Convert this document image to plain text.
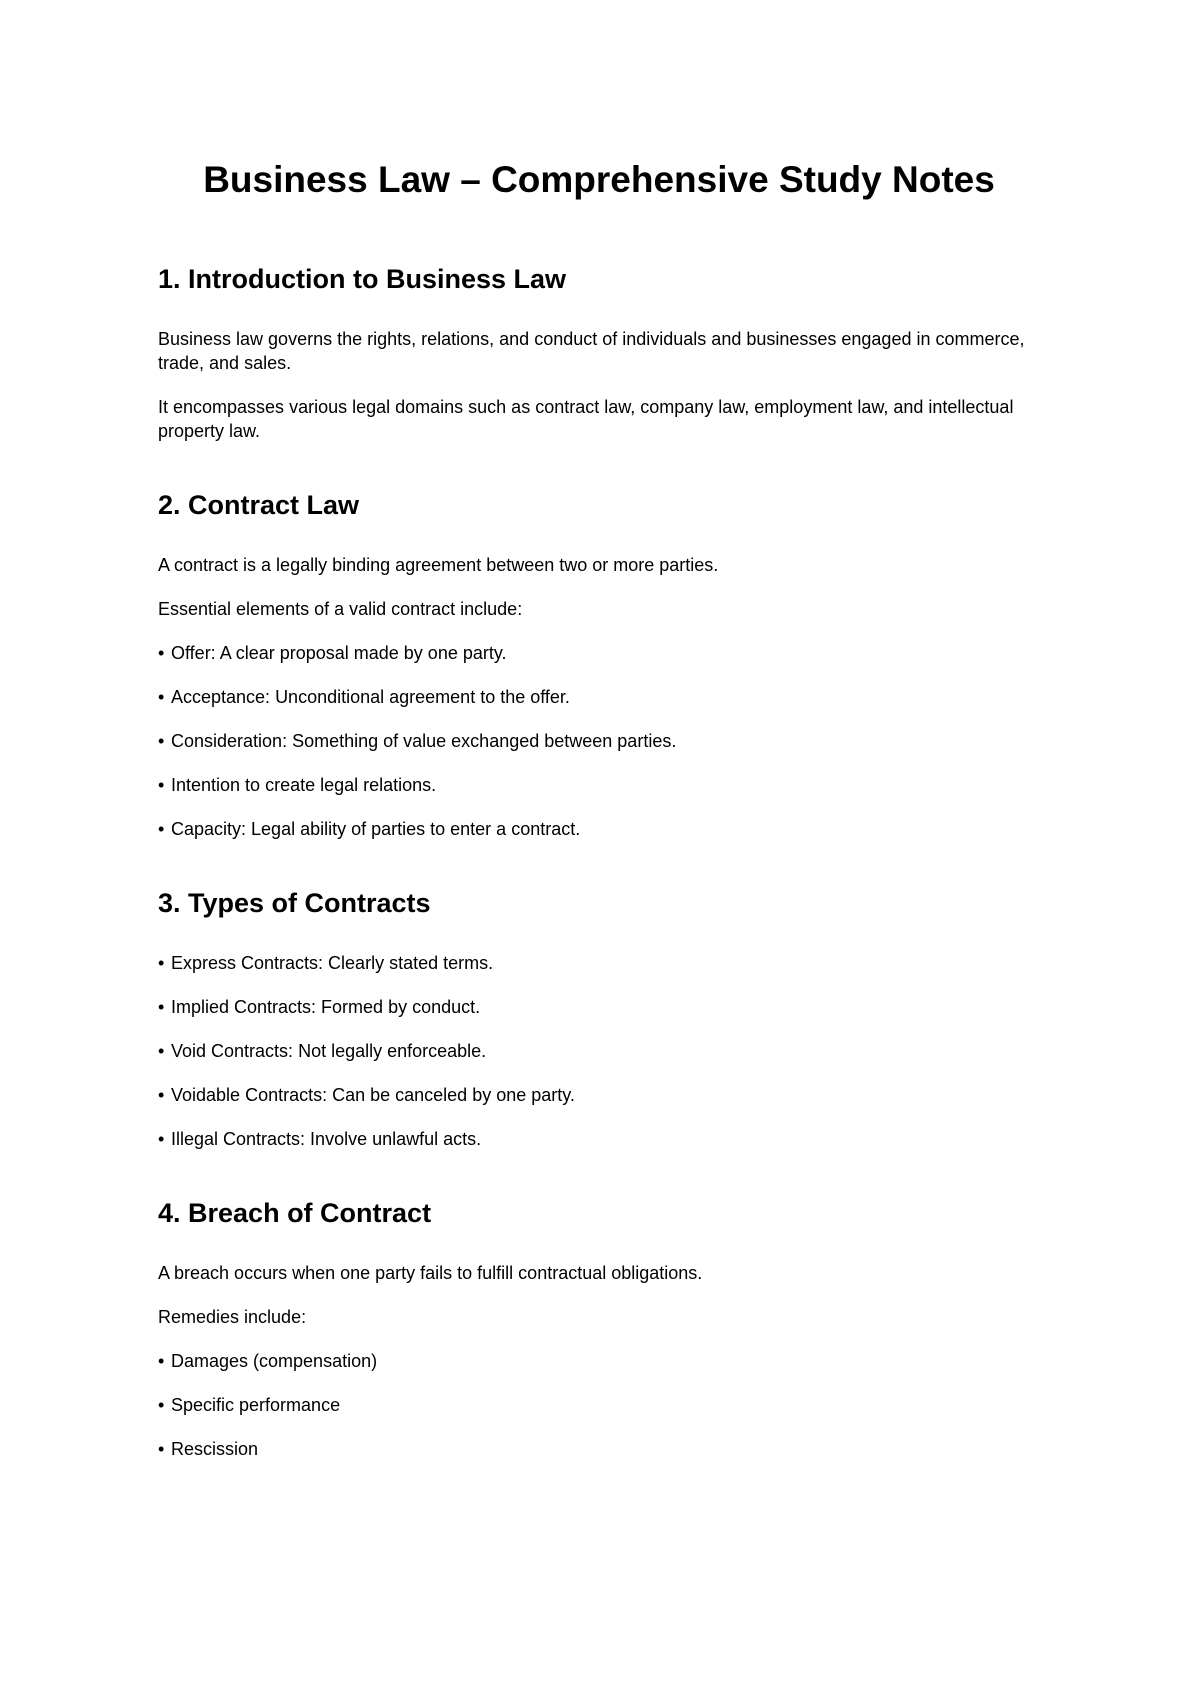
Business Law – Comprehensive Study Notes
1. Introduction to Business Law

Business law governs the rights, relations, and conduct of individuals and businesses engaged in commerce, trade, and sales.

It encompasses various legal domains such as contract law, company law, employment law, and intellectual property law.

2. Contract Law

A contract is a legally binding agreement between two or more parties.

Essential elements of a valid contract include:

• Offer: A clear proposal made by one party.

• Acceptance: Unconditional agreement to the offer.

• Consideration: Something of value exchanged between parties.

• Intention to create legal relations.

• Capacity: Legal ability of parties to enter a contract.

3. Types of Contracts

• Express Contracts: Clearly stated terms.

• Implied Contracts: Formed by conduct.

• Void Contracts: Not legally enforceable.

• Voidable Contracts: Can be canceled by one party.

• Illegal Contracts: Involve unlawful acts.

4. Breach of Contract

A breach occurs when one party fails to fulfill contractual obligations.

Remedies include:

• Damages (compensation)

• Specific performance

• Rescission
